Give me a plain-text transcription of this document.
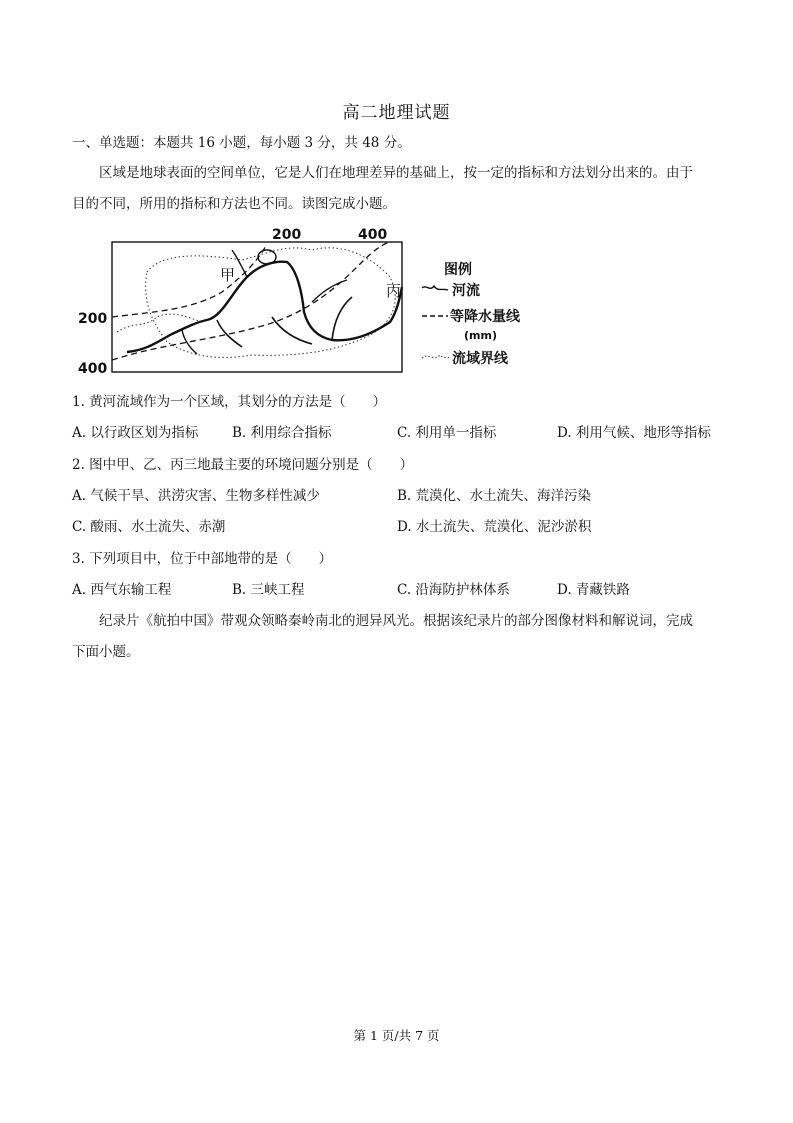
高二地理试题
一、单选题：本题共 16 小题，每小题 3 分，共 48 分。
区域是地球表面的空间单位，它是人们在地理差异的基础上，按一定的指标和方法划分出来的。由于
目的不同，所用的指标和方法也不同。读图完成小题。
甲
丙
200	400
200
400
图例
河流
等降水量线
(mm)
流域界线
1. 黄河流域作为一个区域，其划分的方法是（　　）
A. 以行政区划为指标 B. 利用综合指标	C. 利用单一指标	D. 利用气候、地形等指标
2. 图中甲、乙、丙三地最主要的环境问题分别是（　　）
A. 气候干旱、洪涝灾害、生物多样性减少	B. 荒漠化、水土流失、海洋污染
C. 酸雨、水土流失、赤潮	D. 水土流失、荒漠化、泥沙淤积
3. 下列项目中，位于中部地带的是（　　）
A. 西气东输工程	B. 三峡工程	C. 沿海防护林体系	D. 青藏铁路
纪录片《航拍中国》带观众领略秦岭南北的迥异风光。根据该纪录片的部分图像材料和解说词，完成
下面小题。
第 1 页/共 7 页
